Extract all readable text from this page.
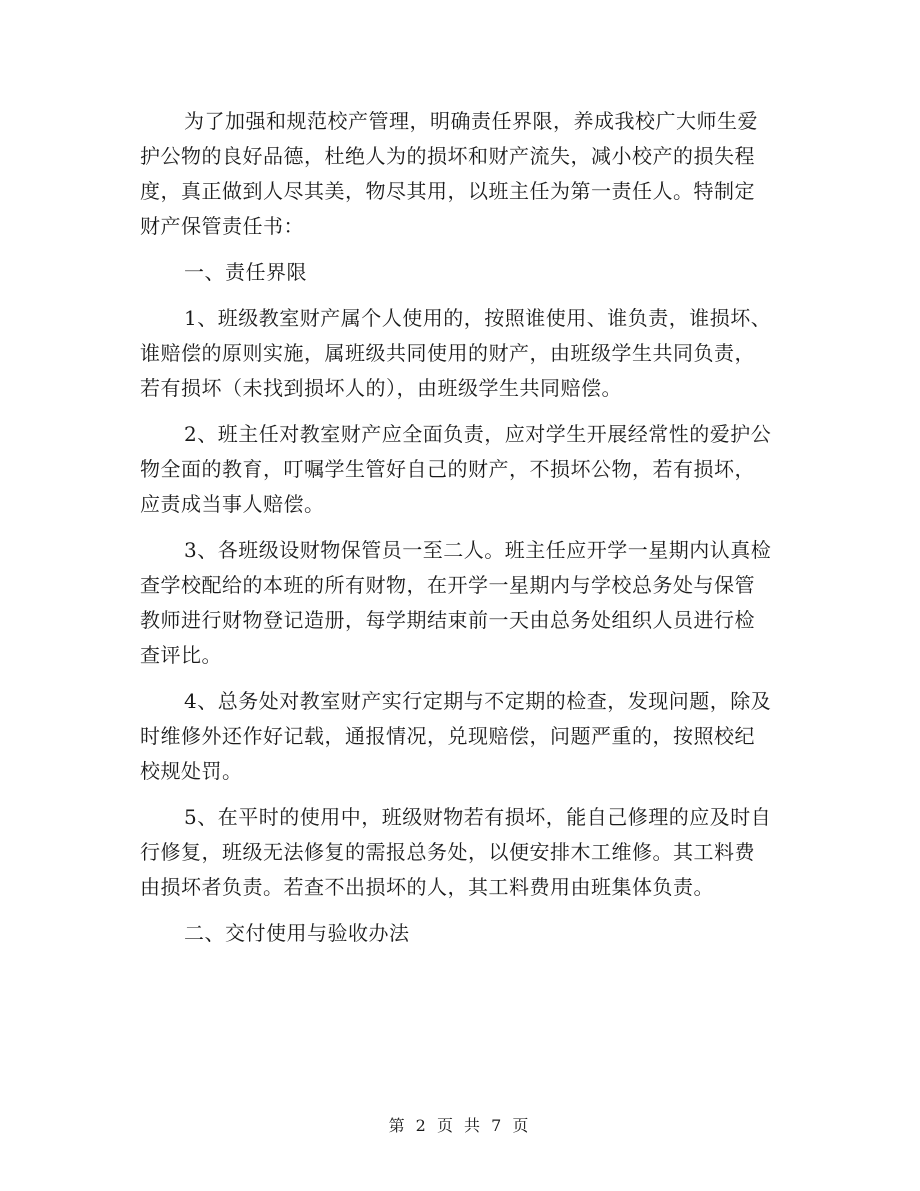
为了加强和规范校产管理，明确责任界限，养成我校广大师生爱
护公物的良好品德，杜绝人为的损坏和财产流失，减小校产的损失程
度，真正做到人尽其美，物尽其用，以班主任为第一责任人。特制定
财产保管责任书：

一、责任界限

1、班级教室财产属个人使用的，按照谁使用、谁负责，谁损坏、
谁赔偿的原则实施，属班级共同使用的财产，由班级学生共同负责，
若有损坏（未找到损坏人的），由班级学生共同赔偿。

2、班主任对教室财产应全面负责，应对学生开展经常性的爱护公
物全面的教育，叮嘱学生管好自己的财产，不损坏公物，若有损坏，
应责成当事人赔偿。

3、各班级设财物保管员一至二人。班主任应开学一星期内认真检
查学校配给的本班的所有财物，在开学一星期内与学校总务处与保管
教师进行财物登记造册，每学期结束前一天由总务处组织人员进行检
查评比。

4、总务处对教室财产实行定期与不定期的检查，发现问题，除及
时维修外还作好记载，通报情况，兑现赔偿，问题严重的，按照校纪
校规处罚。

5、在平时的使用中，班级财物若有损坏，能自己修理的应及时自
行修复，班级无法修复的需报总务处，以便安排木工维修。其工料费
由损坏者负责。若查不出损坏的人，其工料费用由班集体负责。

二、交付使用与验收办法

第 2 页 共 7 页
